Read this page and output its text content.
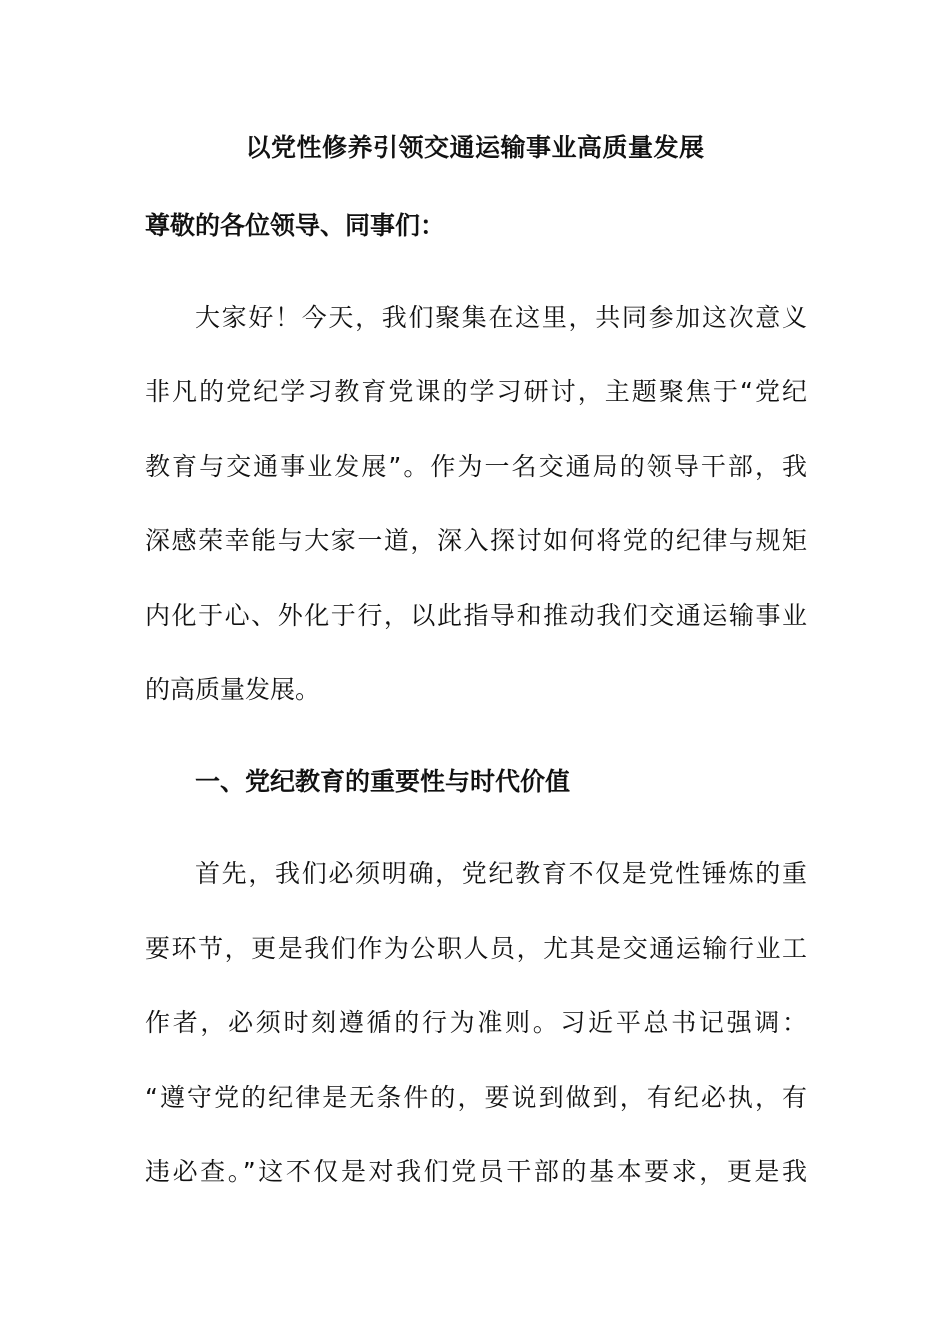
以党性修养引领交通运输事业高质量发展
尊敬的各位领导、同事们：
大家好！今天，我们聚集在这里，共同参加这次意义
非凡的党纪学习教育党课的学习研讨，主题聚焦于“党纪
教育与交通事业发展”。作为一名交通局的领导干部，我
深感荣幸能与大家一道，深入探讨如何将党的纪律与规矩
内化于心、外化于行，以此指导和推动我们交通运输事业
的高质量发展。
一、党纪教育的重要性与时代价值
首先，我们必须明确，党纪教育不仅是党性锤炼的重
要环节，更是我们作为公职人员，尤其是交通运输行业工
作者，必须时刻遵循的行为准则。习近平总书记强调：
“遵守党的纪律是无条件的，要说到做到，有纪必执，有
违必查。”这不仅是对我们党员干部的基本要求，更是我
